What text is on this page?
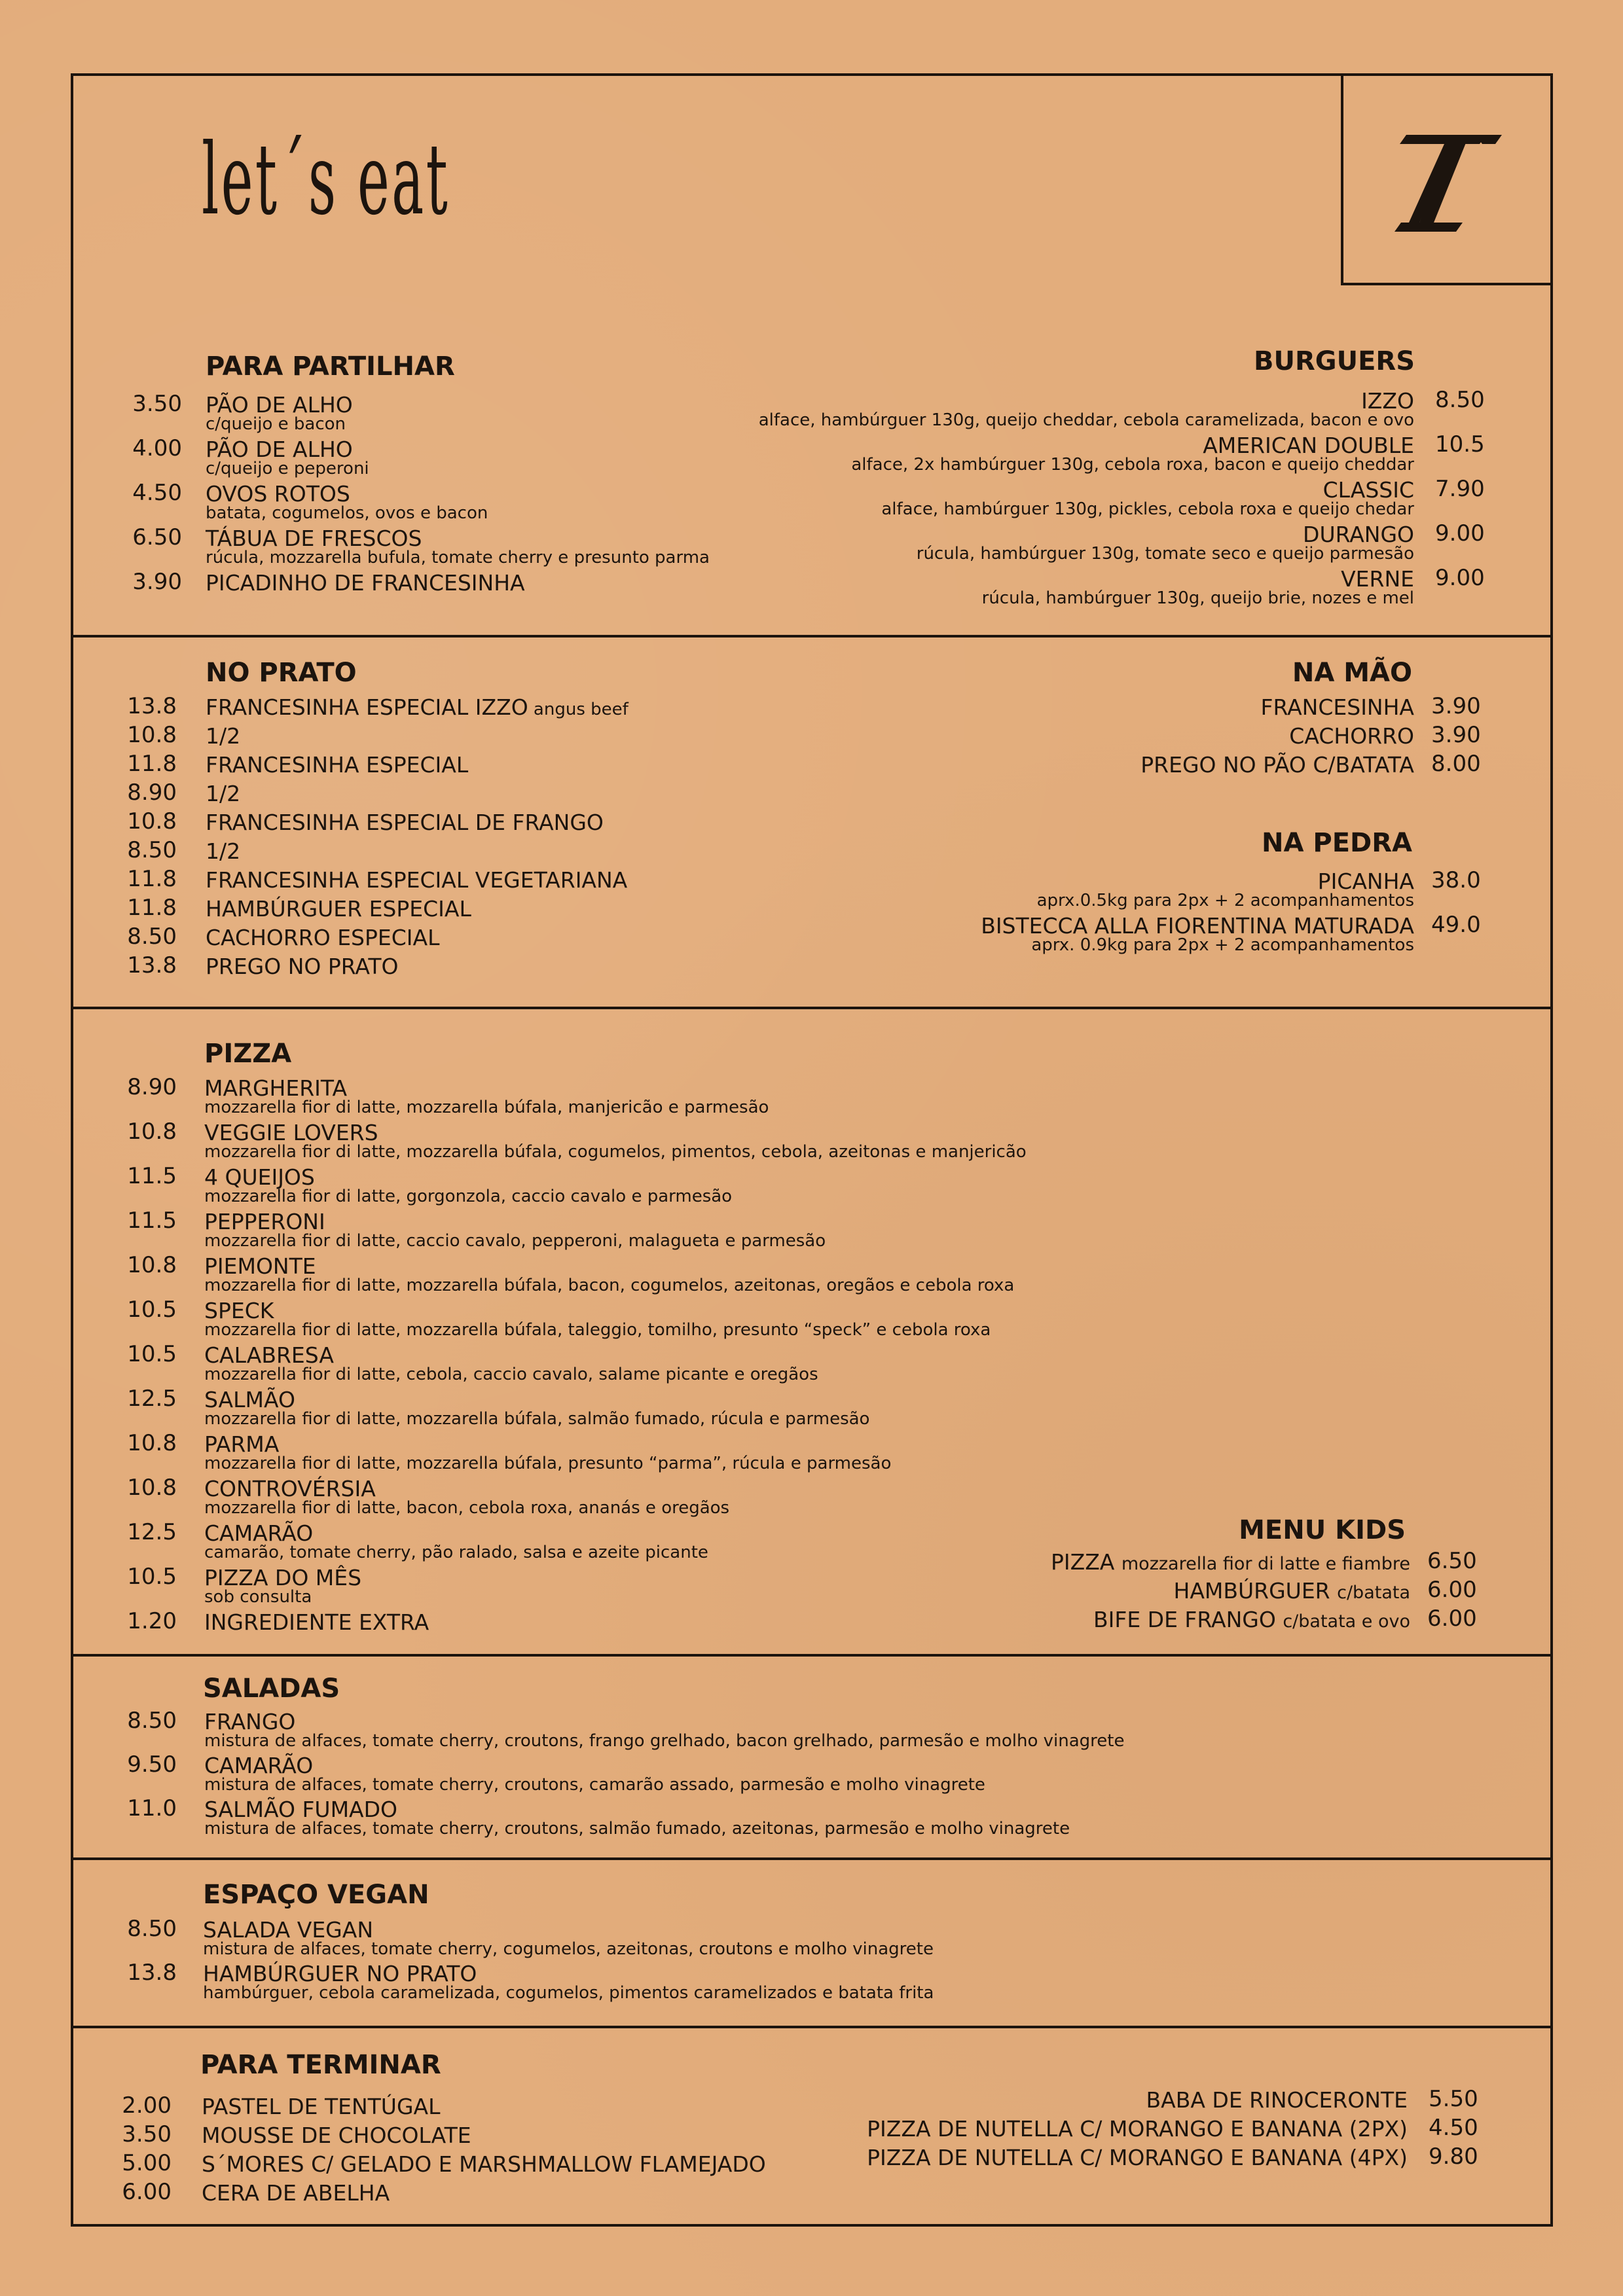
let´s eat
PARA PARTILHAR
3.50 PÃO DE ALHO
c/queijo e bacon
4.00 PÃO DE ALHO
c/queijo e peperoni
4.50 OVOS ROTOS
batata, cogumelos, ovos e bacon
6.50 TÁBUA DE FRESCOS
rúcula, mozzarella bufula, tomate cherry e presunto parma
3.90 PICADINHO DE FRANCESINHA
BURGUERS
IZZO 8.50
alface, hambúrguer 130g, queijo cheddar, cebola caramelizada, bacon e ovo
AMERICAN DOUBLE 10.5
alface, 2x hambúrguer 130g, cebola roxa, bacon e queijo cheddar
CLASSIC 7.90
alface, hambúrguer 130g, pickles, cebola roxa e queijo chedar
DURANGO 9.00
rúcula, hambúrguer 130g, tomate seco e queijo parmesão
VERNE 9.00
rúcula, hambúrguer 130g, queijo brie, nozes e mel
NO PRATO
13.8 FRANCESINHA ESPECIAL IZZO angus beef
10.8 1/2
11.8 FRANCESINHA ESPECIAL
8.90 1/2
10.8 FRANCESINHA ESPECIAL DE FRANGO
8.50 1/2
11.8 FRANCESINHA ESPECIAL VEGETARIANA
11.8 HAMBÚRGUER ESPECIAL
8.50 CACHORRO ESPECIAL
13.8 PREGO NO PRATO
NA MÃO
FRANCESINHA 3.90
CACHORRO 3.90
PREGO NO PÃO C/BATATA 8.00
NA PEDRA
PICANHA 38.0
aprx.0.5kg para 2px + 2 acompanhamentos
BISTECCA ALLA FIORENTINA MATURADA 49.0
aprx. 0.9kg para 2px + 2 acompanhamentos
PIZZA
8.90 MARGHERITA
mozzarella fior di latte, mozzarella búfala, manjericão e parmesão
10.8 VEGGIE LOVERS
mozzarella fior di latte, mozzarella búfala, cogumelos, pimentos, cebola, azeitonas e manjericão
11.5 4 QUEIJOS
mozzarella fior di latte, gorgonzola, caccio cavalo e parmesão
11.5 PEPPERONI
mozzarella fior di latte, caccio cavalo, pepperoni, malagueta e parmesão
10.8 PIEMONTE
mozzarella fior di latte, mozzarella búfala, bacon, cogumelos, azeitonas, oregãos e cebola roxa
10.5 SPECK
mozzarella fior di latte, mozzarella búfala, taleggio, tomilho, presunto “speck” e cebola roxa
10.5 CALABRESA
mozzarella fior di latte, cebola, caccio cavalo, salame picante e oregãos
12.5 SALMÃO
mozzarella fior di latte, mozzarella búfala, salmão fumado, rúcula e parmesão
10.8 PARMA
mozzarella fior di latte, mozzarella búfala, presunto “parma”, rúcula e parmesão
10.8 CONTROVÉRSIA
mozzarella fior di latte, bacon, cebola roxa, ananás e oregãos
12.5 CAMARÃO
camarão, tomate cherry, pão ralado, salsa e azeite picante
10.5 PIZZA DO MÊS
sob consulta
1.20 INGREDIENTE EXTRA
MENU KIDS
PIZZA mozzarella fior di latte e fiambre 6.50
HAMBÚRGUER c/batata 6.00
BIFE DE FRANGO c/batata e ovo 6.00
SALADAS
8.50 FRANGO
mistura de alfaces, tomate cherry, croutons, frango grelhado, bacon grelhado, parmesão e molho vinagrete
9.50 CAMARÃO
mistura de alfaces, tomate cherry, croutons, camarão assado, parmesão e molho vinagrete
11.0 SALMÃO FUMADO
mistura de alfaces, tomate cherry, croutons, salmão fumado, azeitonas, parmesão e molho vinagrete
ESPAÇO VEGAN
8.50 SALADA VEGAN
mistura de alfaces, tomate cherry, cogumelos, azeitonas, croutons e molho vinagrete
13.8 HAMBÚRGUER NO PRATO
hambúrguer, cebola caramelizada, cogumelos, pimentos caramelizados e batata frita
PARA TERMINAR
2.00 PASTEL DE TENTÚGAL
3.50 MOUSSE DE CHOCOLATE
5.00 S´MORES C/ GELADO E MARSHMALLOW FLAMEJADO
6.00 CERA DE ABELHA
BABA DE RINOCERONTE 5.50
PIZZA DE NUTELLA C/ MORANGO E BANANA (2PX) 4.50
PIZZA DE NUTELLA C/ MORANGO E BANANA (4PX) 9.80
